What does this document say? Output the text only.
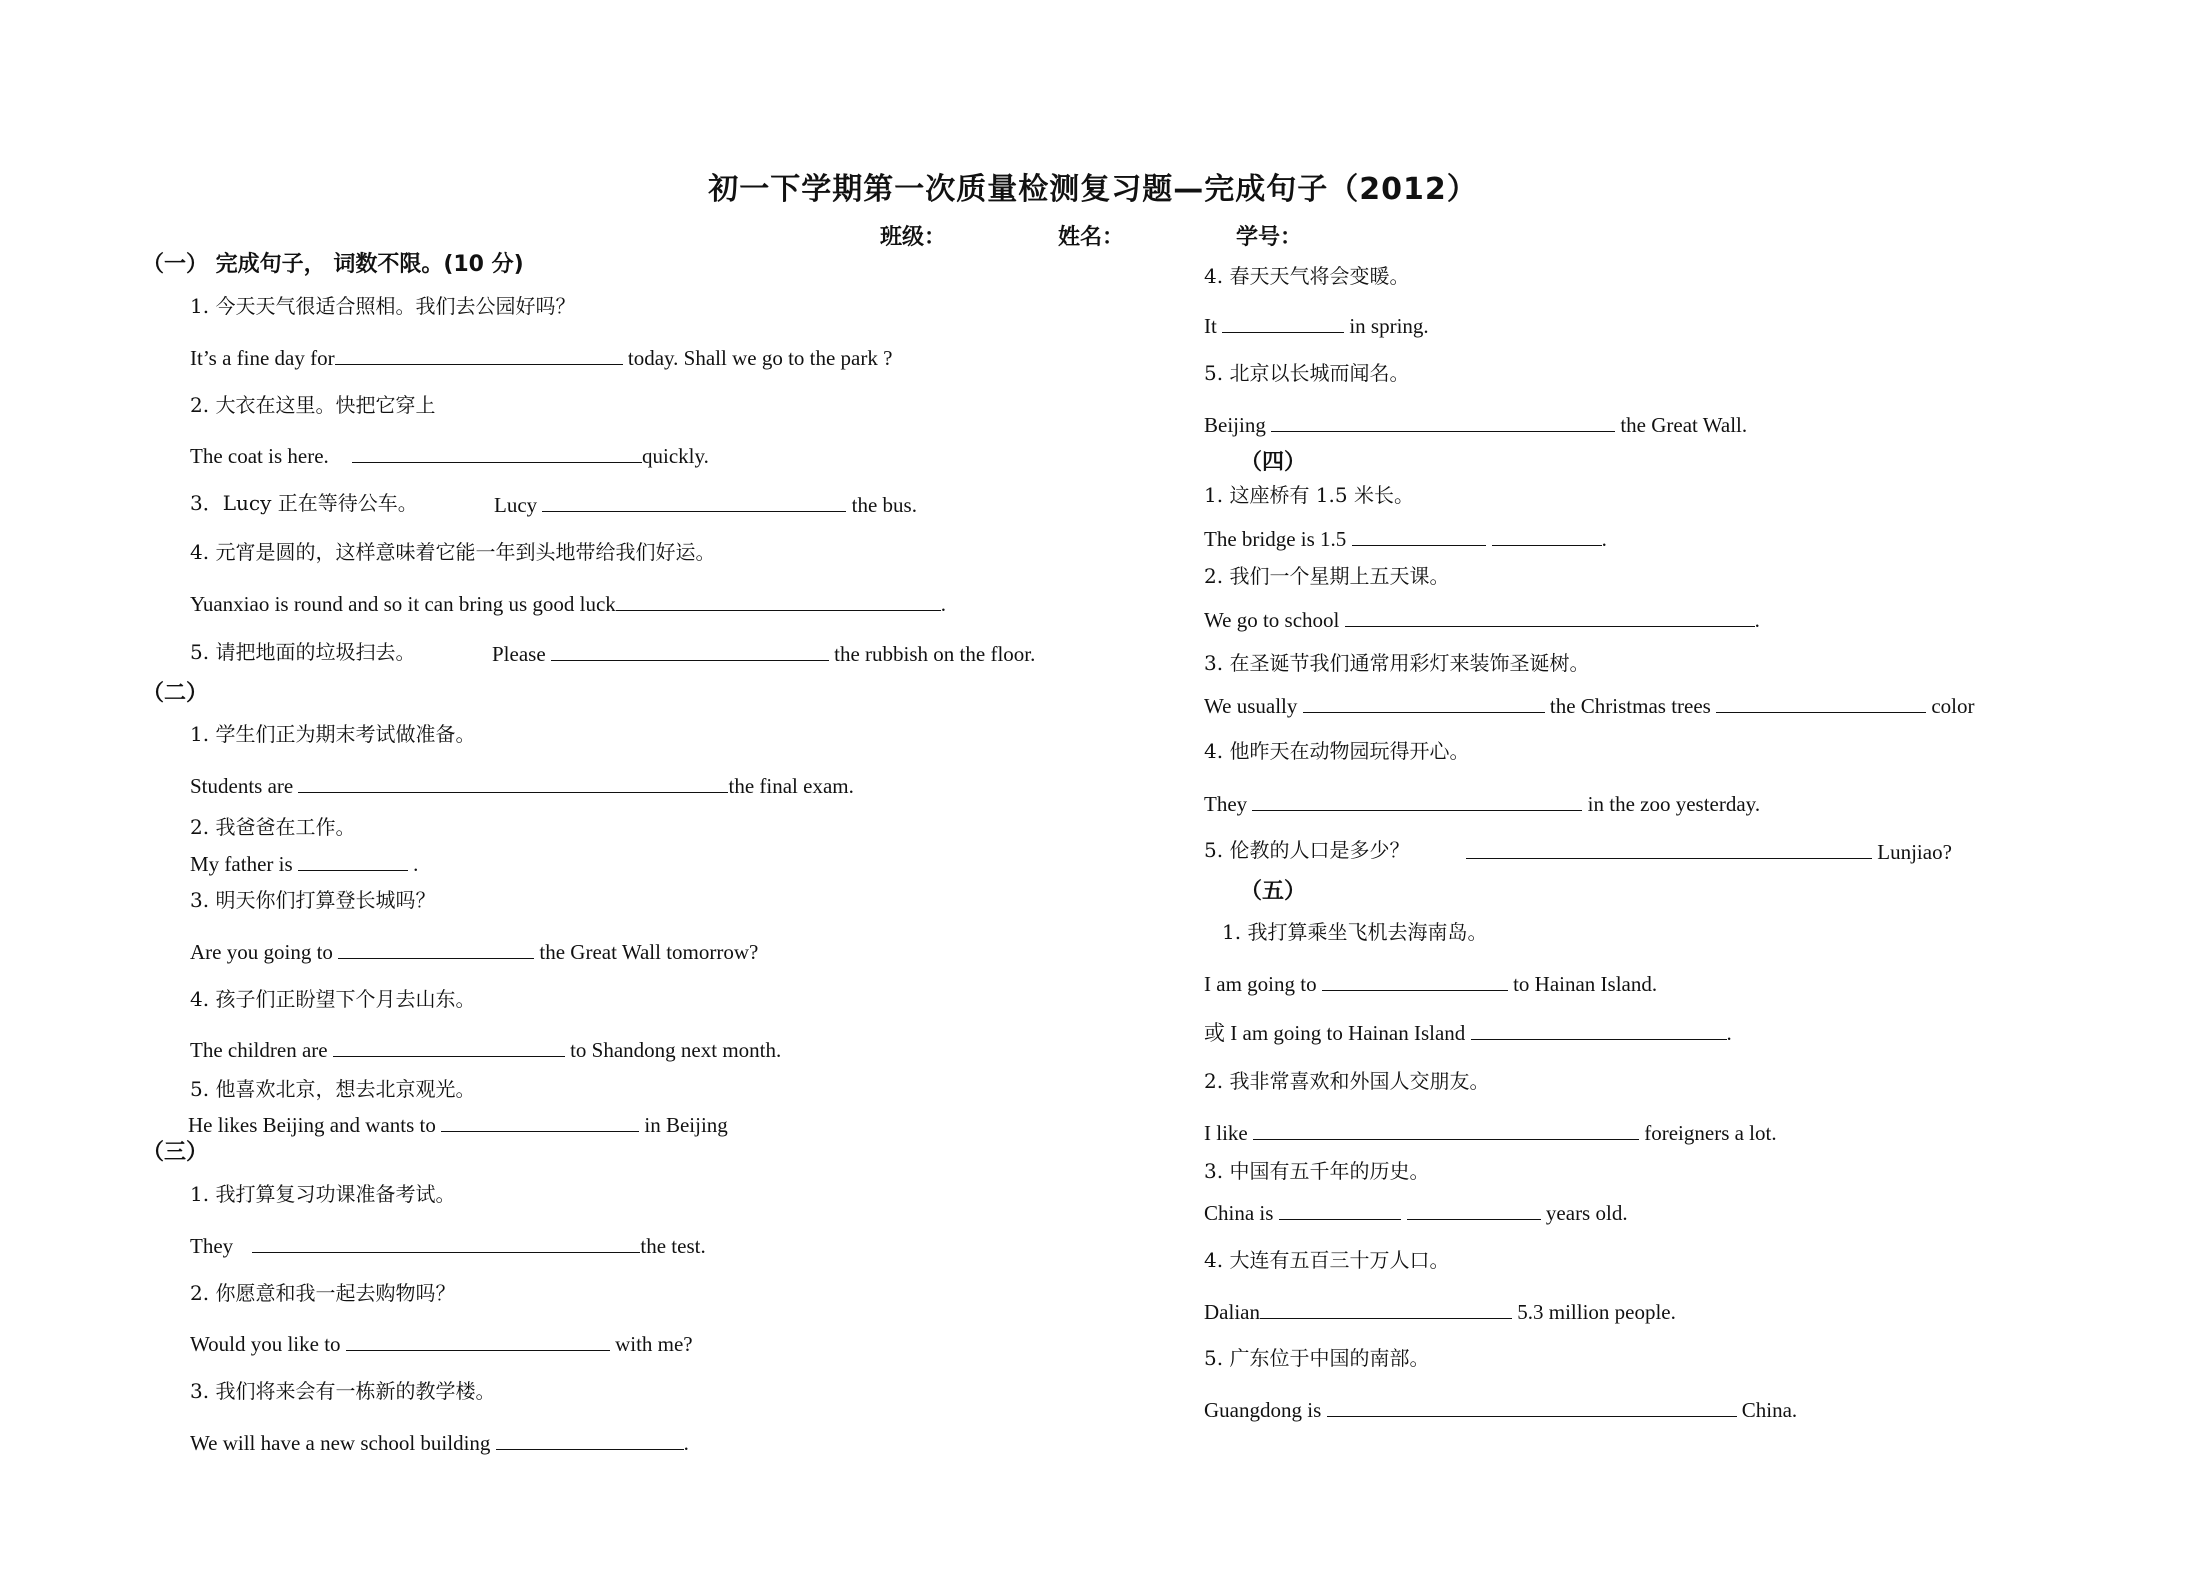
初一下学期第一次质量检测复习题—完成句子（2012）
班级：	姓名：	学号：
（一） 完成句子， 词数不限。(10 分)
1. 今天天气很适合照相。我们去公园好吗？
It’s a fine day for	today. Shall we go to the park ?
2. 大衣在这里。快把它穿上
The coat is here.	quickly.
3．Lucy 正在等待公车。	Lucy	the bus.
4. 元宵是圆的，这样意味着它能一年到头地带给我们好运。
Yuanxiao is round and so it can bring us good luck	.
5. 请把地面的垃圾扫去。	Please	the rubbish on the floor.
（二）
1. 学生们正为期末考试做准备。
Students are	the final exam.
2. 我爸爸在工作。
My father is	.
3. 明天你们打算登长城吗？
Are you going to	the Great Wall tomorrow?
4. 孩子们正盼望下个月去山东。
The children are	to Shandong next month.
5. 他喜欢北京，想去北京观光。
He likes Beijing and wants to	in Beijing
（三）
1. 我打算复习功课准备考试。
They	the test.
2. 你愿意和我一起去购物吗？
Would you like to	with me?
3. 我们将来会有一栋新的教学楼。
We will have a new school building	.
4. 春天天气将会变暖。
It	in spring.
5. 北京以长城而闻名。
Beijing	the Great Wall.
（四）
1. 这座桥有 1.5 米长。
The bridge is 1.5	.
2. 我们一个星期上五天课。
We go to school	.
3. 在圣诞节我们通常用彩灯来装饰圣诞树。
We usually	the Christmas trees	color
4. 他昨天在动物园玩得开心。
They	in the zoo yesterday.
5. 伦教的人口是多少？	Lunjiao?
（五）
1. 我打算乘坐飞机去海南岛。
I am going to	to Hainan Island.
或 I am going to Hainan Island	.
2. 我非常喜欢和外国人交朋友。
I like	foreigners a lot.
3. 中国有五千年的历史。
China is	years old.
4. 大连有五百三十万人口。
Dalian	5.3 million people.
5. 广东位于中国的南部。
Guangdong is	China.
